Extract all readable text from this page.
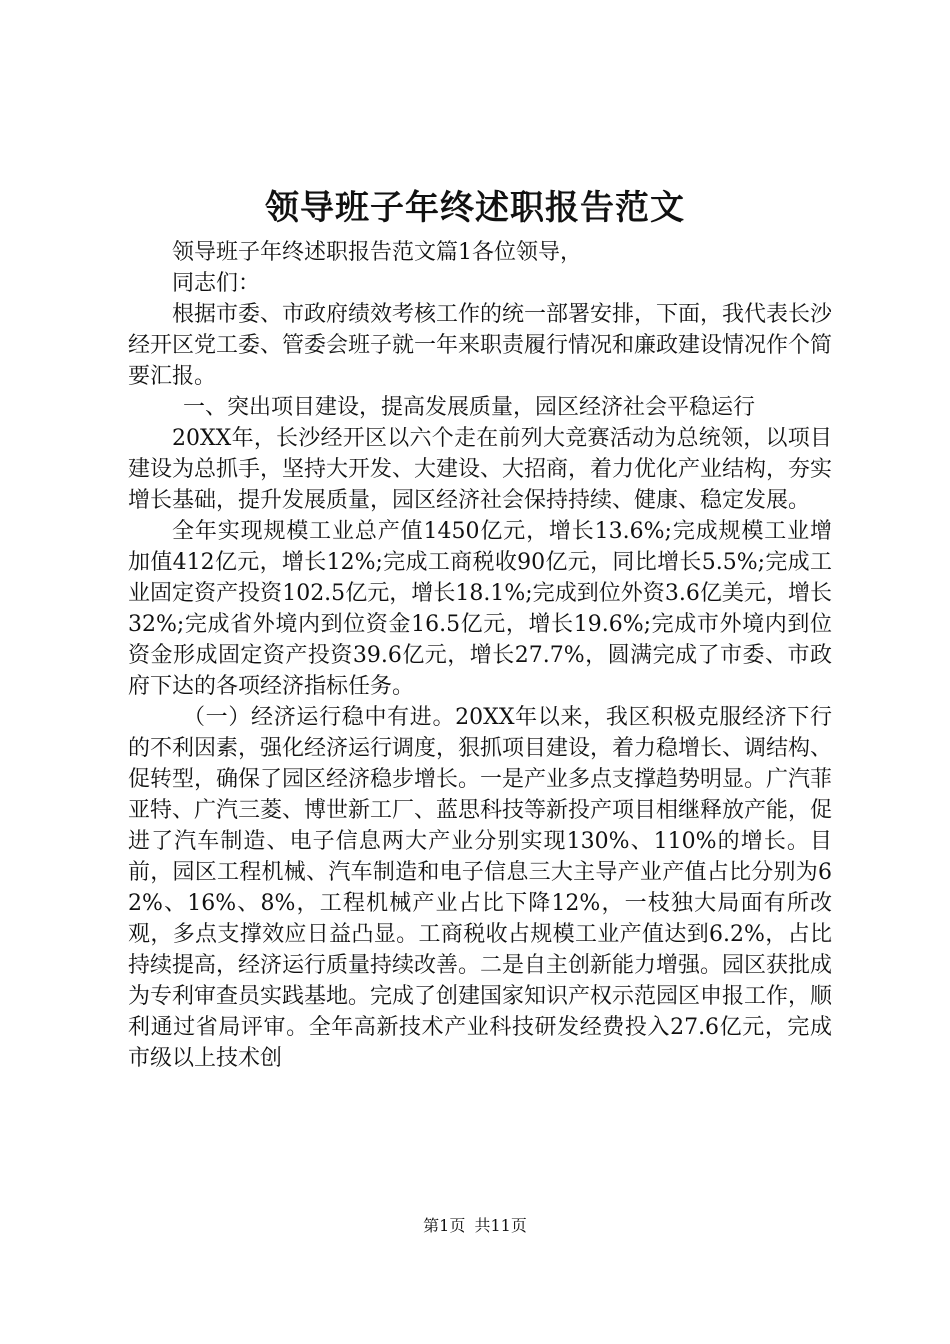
领导班子年终述职报告范文

领导班子年终述职报告范文篇1各位领导，

同志们：

根据市委、市政府绩效考核工作的统一部署安排，下面，我代表长沙经开区党工委、管委会班子就一年来职责履行情况和廉政建设情况作个简要汇报。

一、突出项目建设，提高发展质量，园区经济社会平稳运行

20XX年，长沙经开区以六个走在前列大竞赛活动为总统领，以项目建设为总抓手，坚持大开发、大建设、大招商，着力优化产业结构，夯实增长基础，提升发展质量，园区经济社会保持持续、健康、稳定发展。

全年实现规模工业总产值1450亿元，增长13.6%;完成规模工业增加值412亿元，增长12%;完成工商税收90亿元，同比增长5.5%;完成工业固定资产投资102.5亿元，增长18.1%;完成到位外资3.6亿美元，增长32%;完成省外境内到位资金16.5亿元，增长19.6%;完成市外境内到位资金形成固定资产投资39.6亿元，增长27.7%，圆满完成了市委、市政府下达的各项经济指标任务。

（一）经济运行稳中有进。20XX年以来，我区积极克服经济下行的不利因素，强化经济运行调度，狠抓项目建设，着力稳增长、调结构、促转型，确保了园区经济稳步增长。一是产业多点支撑趋势明显。广汽菲亚特、广汽三菱、博世新工厂、蓝思科技等新投产项目相继释放产能，促进了汽车制造、电子信息两大产业分别实现130%、110%的增长。目前，园区工程机械、汽车制造和电子信息三大主导产业产值占比分别为62%、16%、8%，工程机械产业占比下降12%，一枝独大局面有所改观，多点支撑效应日益凸显。工商税收占规模工业产值达到6.2%，占比持续提高，经济运行质量持续改善。二是自主创新能力增强。园区获批成为专利审查员实践基地。完成了创建国家知识产权示范园区申报工作，顺利通过省局评审。全年高新技术产业科技研发经费投入27.6亿元，完成市级以上技术创

第1页 共11页
